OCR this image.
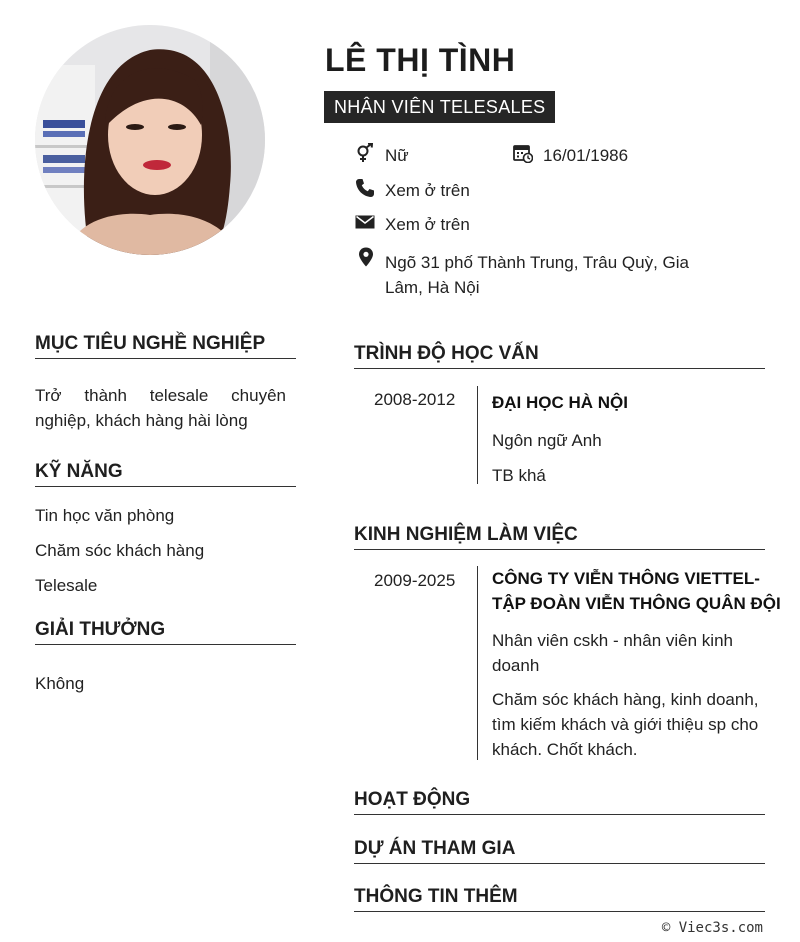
LÊ THỊ TÌNH
NHÂN VIÊN TELESALES
Nữ	16/01/1986
Xem ở trên
Xem ở trên
Ngõ 31 phố Thành Trung, Trâu Quỳ, Gia
Lâm, Hà Nội
MỤC TIÊU NGHỀ NGHIỆP
Trở thành telesale chuyên
nghiệp, khách hàng hài lòng
KỸ NĂNG
Tin học văn phòng
Chăm sóc khách hàng
Telesale
GIẢI THƯỞNG
Không
TRÌNH ĐỘ HỌC VẤN
2008-2012 ĐẠI HỌC HÀ NỘI
Ngôn ngữ Anh
TB khá
KINH NGHIỆM LÀM VIỆC
2009-2025 CÔNG TY VIỄN THÔNG VIETTEL-
TẬP ĐOÀN VIỄN THÔNG QUÂN ĐỘI
Nhân viên cskh - nhân viên kinh
doanh
Chăm sóc khách hàng, kinh doanh,
tìm kiếm khách và giới thiệu sp cho
khách. Chốt khách.
HOẠT ĐỘNG
DỰ ÁN THAM GIA
THÔNG TIN THÊM
© Viec3s.com
